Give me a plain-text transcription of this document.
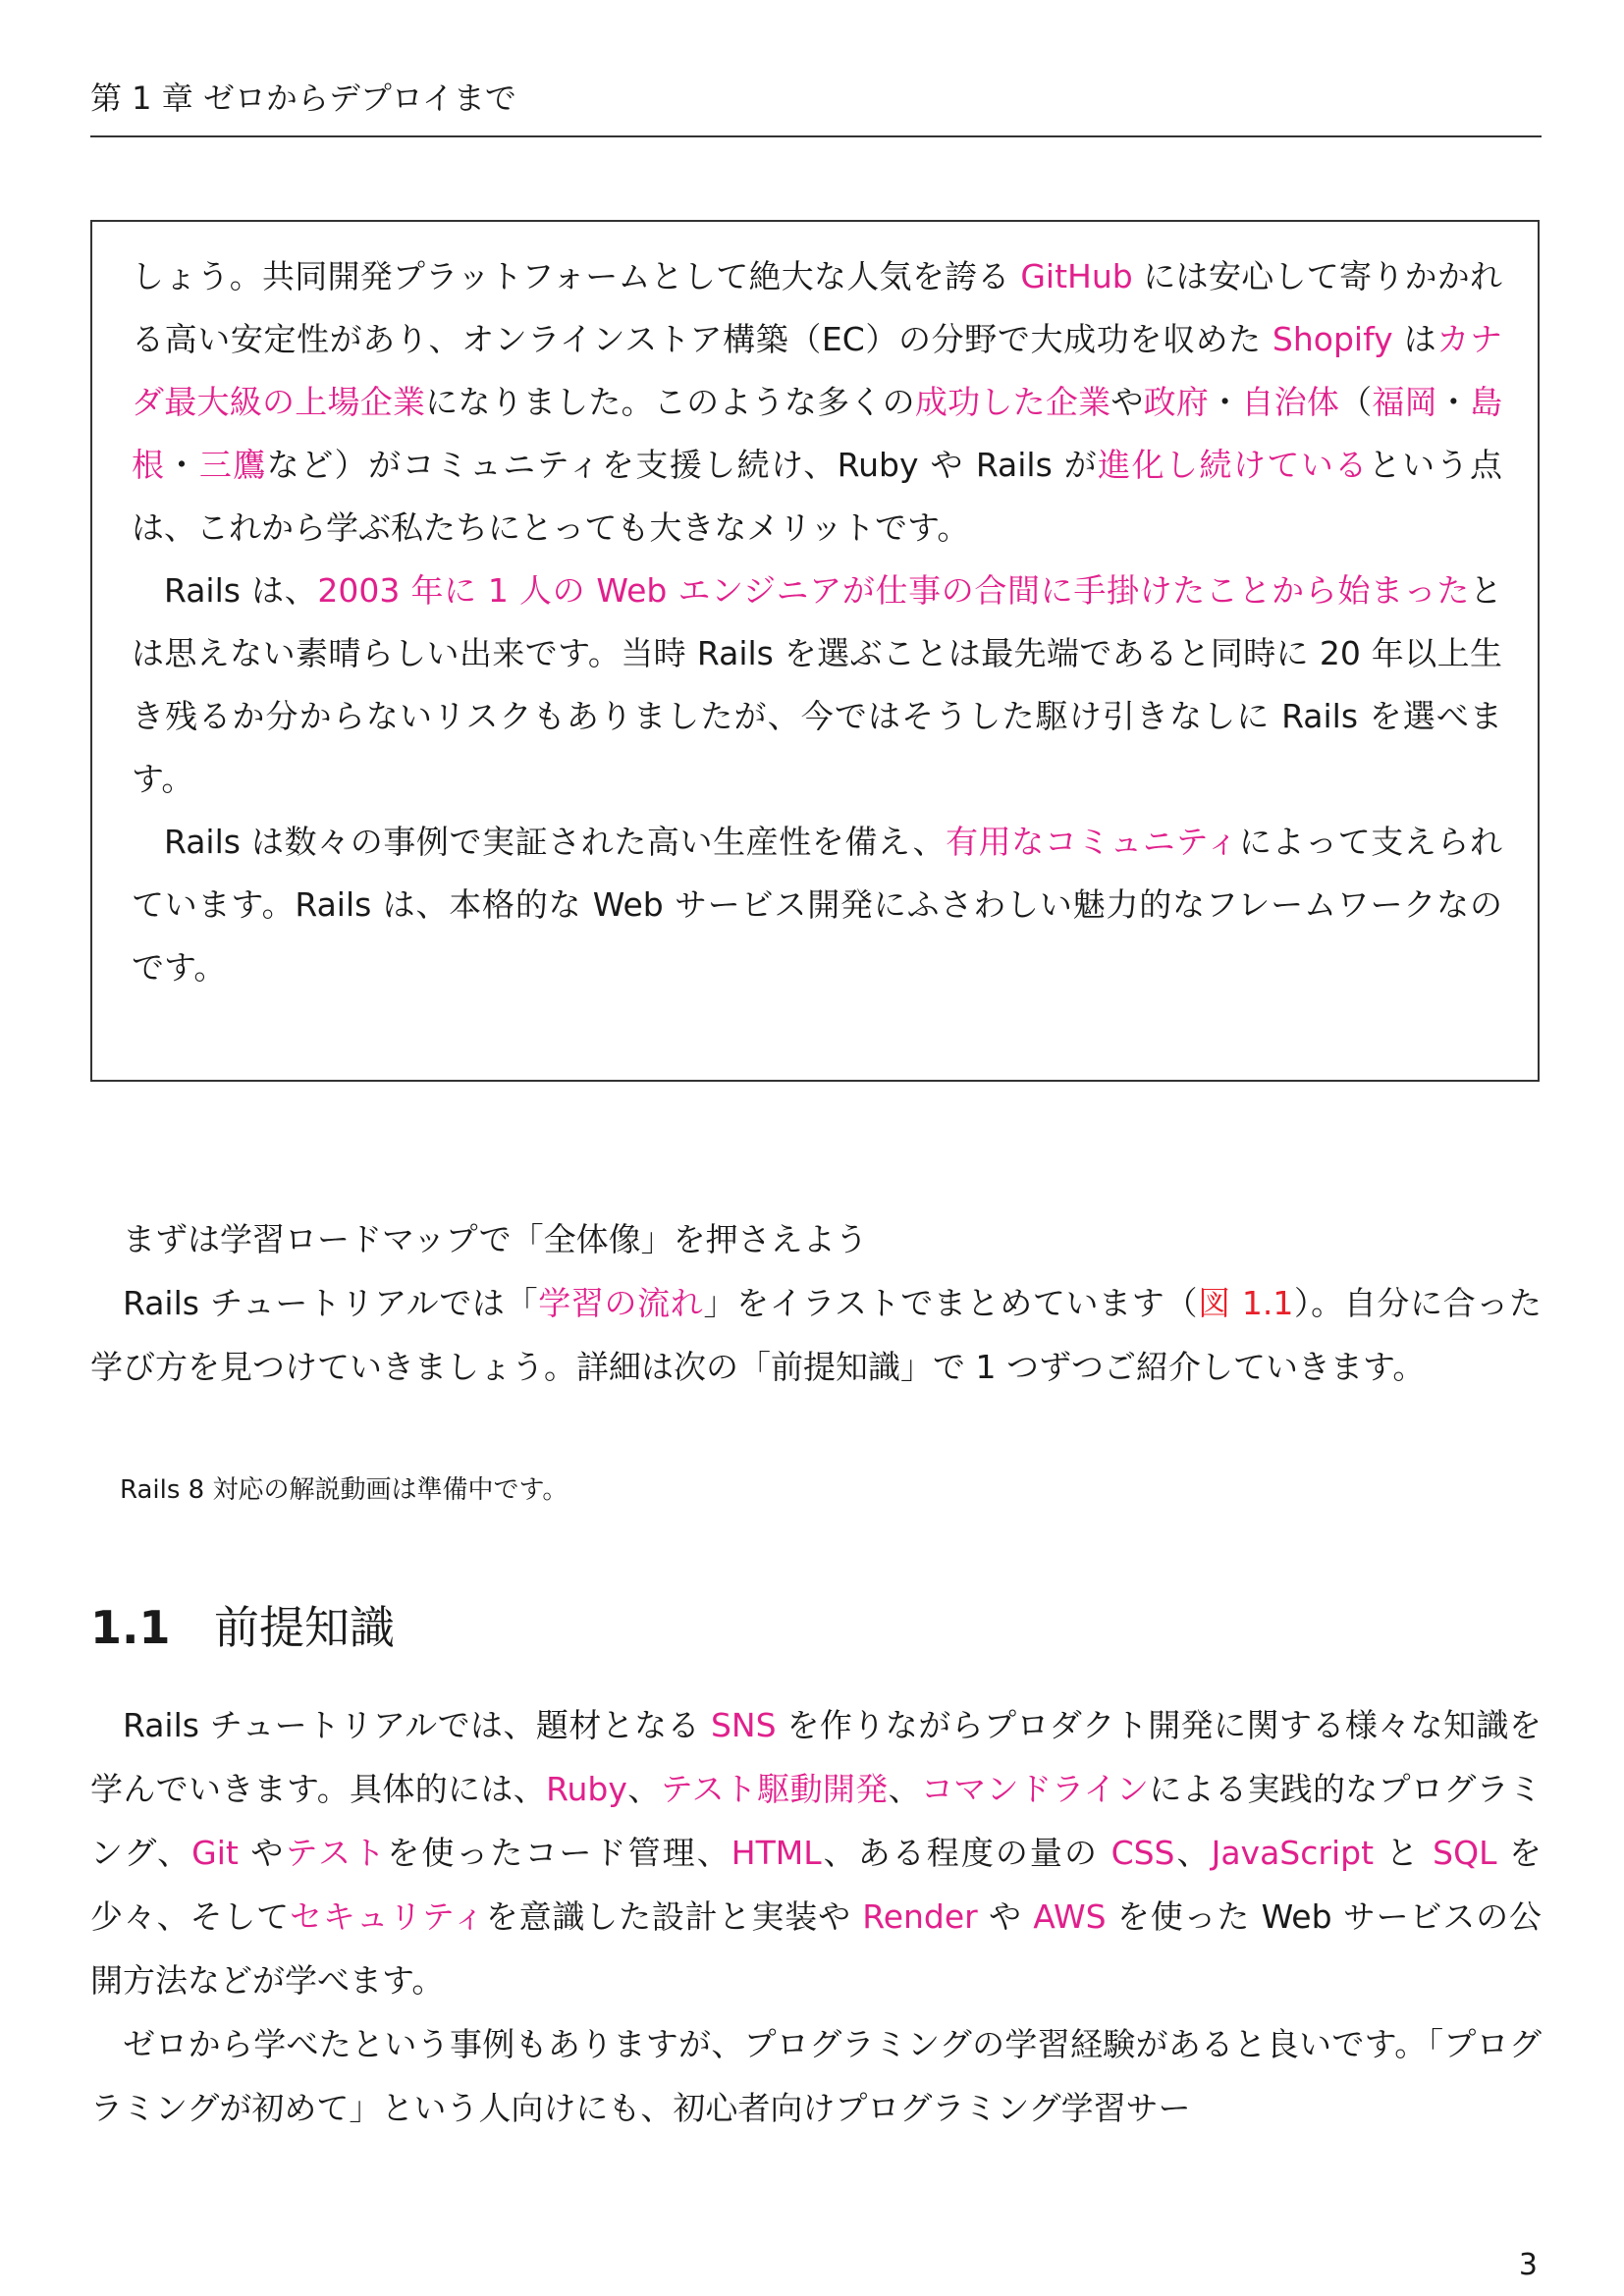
第 1 章 ゼロからデプロイまで

しょう。共同開発プラットフォームとして絶大な人気を誇る GitHub には安心して寄りかかれる高い安定性があり、オンラインストア構築（EC）の分野で大成功を収めた Shopify はカナダ最大級の上場企業になりました。このような多くの成功した企業や政府・自治体（福岡・島根・三鷹など）がコミュニティを支援し続け、Ruby や Rails が進化し続けているという点は、これから学ぶ私たちにとっても大きなメリットです。

Rails は、2003 年に 1 人の Web エンジニアが仕事の合間に手掛けたことから始まったとは思えない素晴らしい出来です。当時 Rails を選ぶことは最先端であると同時に 20 年以上生き残るか分からないリスクもありましたが、今ではそうした駆け引きなしに Rails を選べます。

Rails は数々の事例で実証された高い生産性を備え、有用なコミュニティによって支えられています。Rails は、本格的な Web サービス開発にふさわしい魅力的なフレームワークなのです。

まずは学習ロードマップで「全体像」を押さえよう

Rails チュートリアルでは「学習の流れ」をイラストでまとめています（図 1.1）。自分に合った学び方を見つけていきましょう。詳細は次の「前提知識」で 1 つずつご紹介していきます。

Rails 8 対応の解説動画は準備中です。
1.1 前提知識

Rails チュートリアルでは、題材となる SNS を作りながらプロダクト開発に関する様々な知識を学んでいきます。具体的には、Ruby、テスト駆動開発、コマンドラインによる実践的なプログラミング、Git やテストを使ったコード管理、HTML、ある程度の量の CSS、JavaScript と SQL を少々、そしてセキュリティを意識した設計と実装や Render や AWS を使った Web サービスの公開方法などが学べます。

ゼロから学べたという事例もありますが、プログラミングの学習経験があると良いです。「プログラミングが初めて」という人向けにも、初心者向けプログラミング学習サー

3
